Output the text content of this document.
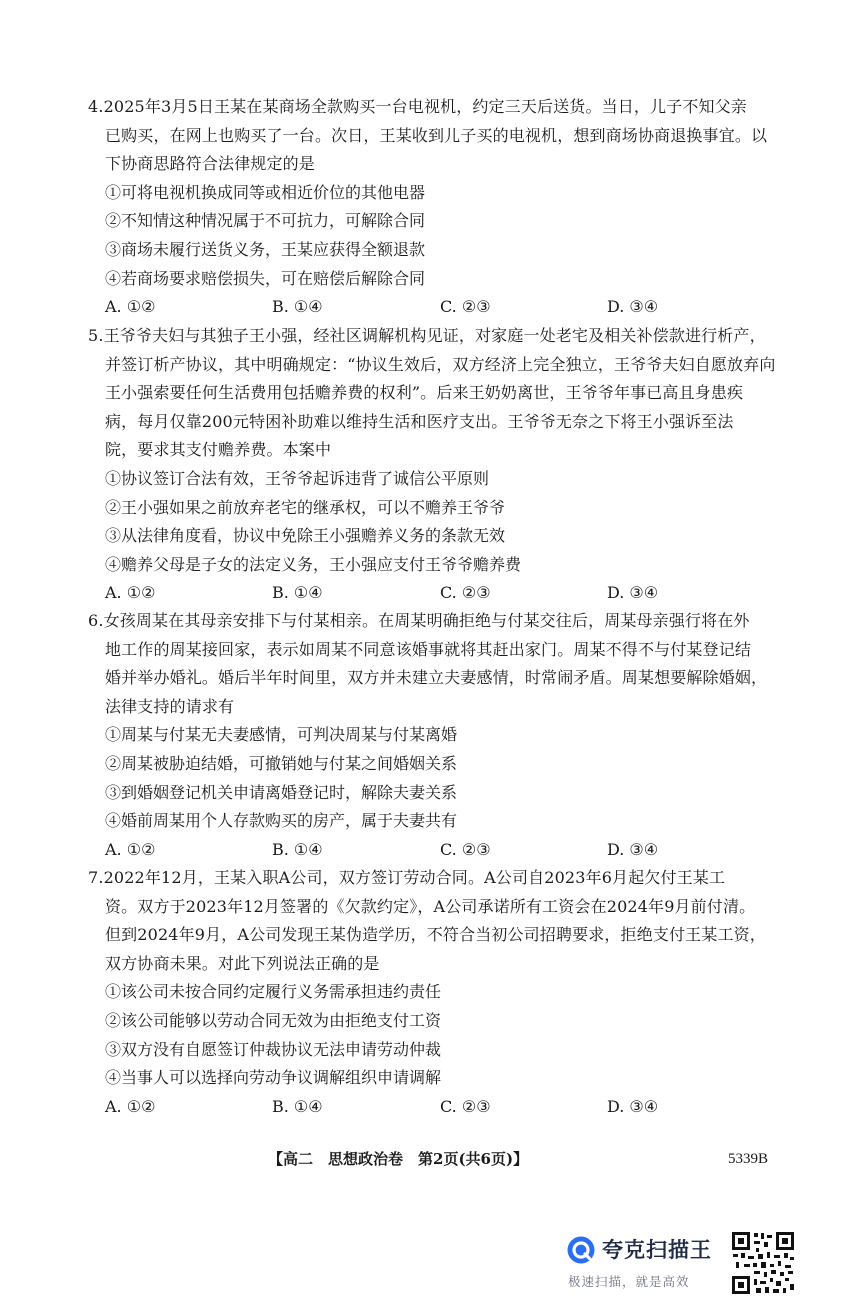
4.2025年3月5日王某在某商场全款购买一台电视机，约定三天后送货。当日，儿子不知父亲
已购买，在网上也购买了一台。次日，王某收到儿子买的电视机，想到商场协商退换事宜。以
下协商思路符合法律规定的是
①可将电视机换成同等或相近价位的其他电器
②不知情这种情况属于不可抗力，可解除合同
③商场未履行送货义务，王某应获得全额退款
④若商场要求赔偿损失，可在赔偿后解除合同
A. ①②	B. ①④	C. ②③	D. ③④
5.王爷爷夫妇与其独子王小强，经社区调解机构见证，对家庭一处老宅及相关补偿款进行析产，
并签订析产协议，其中明确规定：“协议生效后，双方经济上完全独立，王爷爷夫妇自愿放弃向
王小强索要任何生活费用包括赡养费的权利”。后来王奶奶离世，王爷爷年事已高且身患疾
病，每月仅靠200元特困补助难以维持生活和医疗支出。王爷爷无奈之下将王小强诉至法
院，要求其支付赡养费。本案中
①协议签订合法有效，王爷爷起诉违背了诚信公平原则
②王小强如果之前放弃老宅的继承权，可以不赡养王爷爷
③从法律角度看，协议中免除王小强赡养义务的条款无效
④赡养父母是子女的法定义务，王小强应支付王爷爷赡养费
A. ①②	B. ①④	C. ②③	D. ③④
6.女孩周某在其母亲安排下与付某相亲。在周某明确拒绝与付某交往后，周某母亲强行将在外
地工作的周某接回家，表示如周某不同意该婚事就将其赶出家门。周某不得不与付某登记结
婚并举办婚礼。婚后半年时间里，双方并未建立夫妻感情，时常闹矛盾。周某想要解除婚姻，
法律支持的请求有
①周某与付某无夫妻感情，可判决周某与付某离婚
②周某被胁迫结婚，可撤销她与付某之间婚姻关系
③到婚姻登记机关申请离婚登记时，解除夫妻关系
④婚前周某用个人存款购买的房产，属于夫妻共有
A. ①②	B. ①④	C. ②③	D. ③④
7.2022年12月，王某入职A公司，双方签订劳动合同。A公司自2023年6月起欠付王某工
资。双方于2023年12月签署的《欠款约定》，A公司承诺所有工资会在2024年9月前付清。
但到2024年9月，A公司发现王某伪造学历，不符合当初公司招聘要求，拒绝支付王某工资，
双方协商未果。对此下列说法正确的是
①该公司未按合同约定履行义务需承担违约责任
②该公司能够以劳动合同无效为由拒绝支付工资
③双方没有自愿签订仲裁协议无法申请劳动仲裁
④当事人可以选择向劳动争议调解组织申请调解
A. ①②	B. ①④	C. ②③	D. ③④
【高二　思想政治卷　第2页(共6页)】	5339B
夸克扫描王
极速扫描，就是高效
